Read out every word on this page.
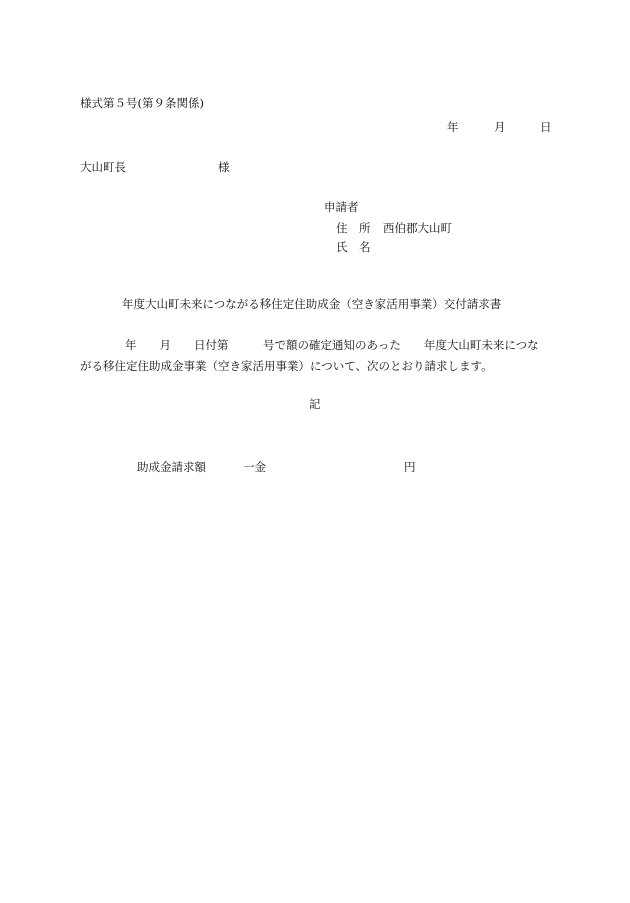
様式第５号(第９条関係)
年	月	日
大山町長	様
申請者
住　所 西伯郡大山町
氏　名
年度大山町未来につながる移住定住助成金（空き家活用事業）交付請求書
年　　月　　日付第　　　号で額の確定通知のあった　　年度大山町未来につな
がる移住定住助成金事業（空き家活用事業）について、次のとおり請求します。
記
助成金請求額	一金	円
